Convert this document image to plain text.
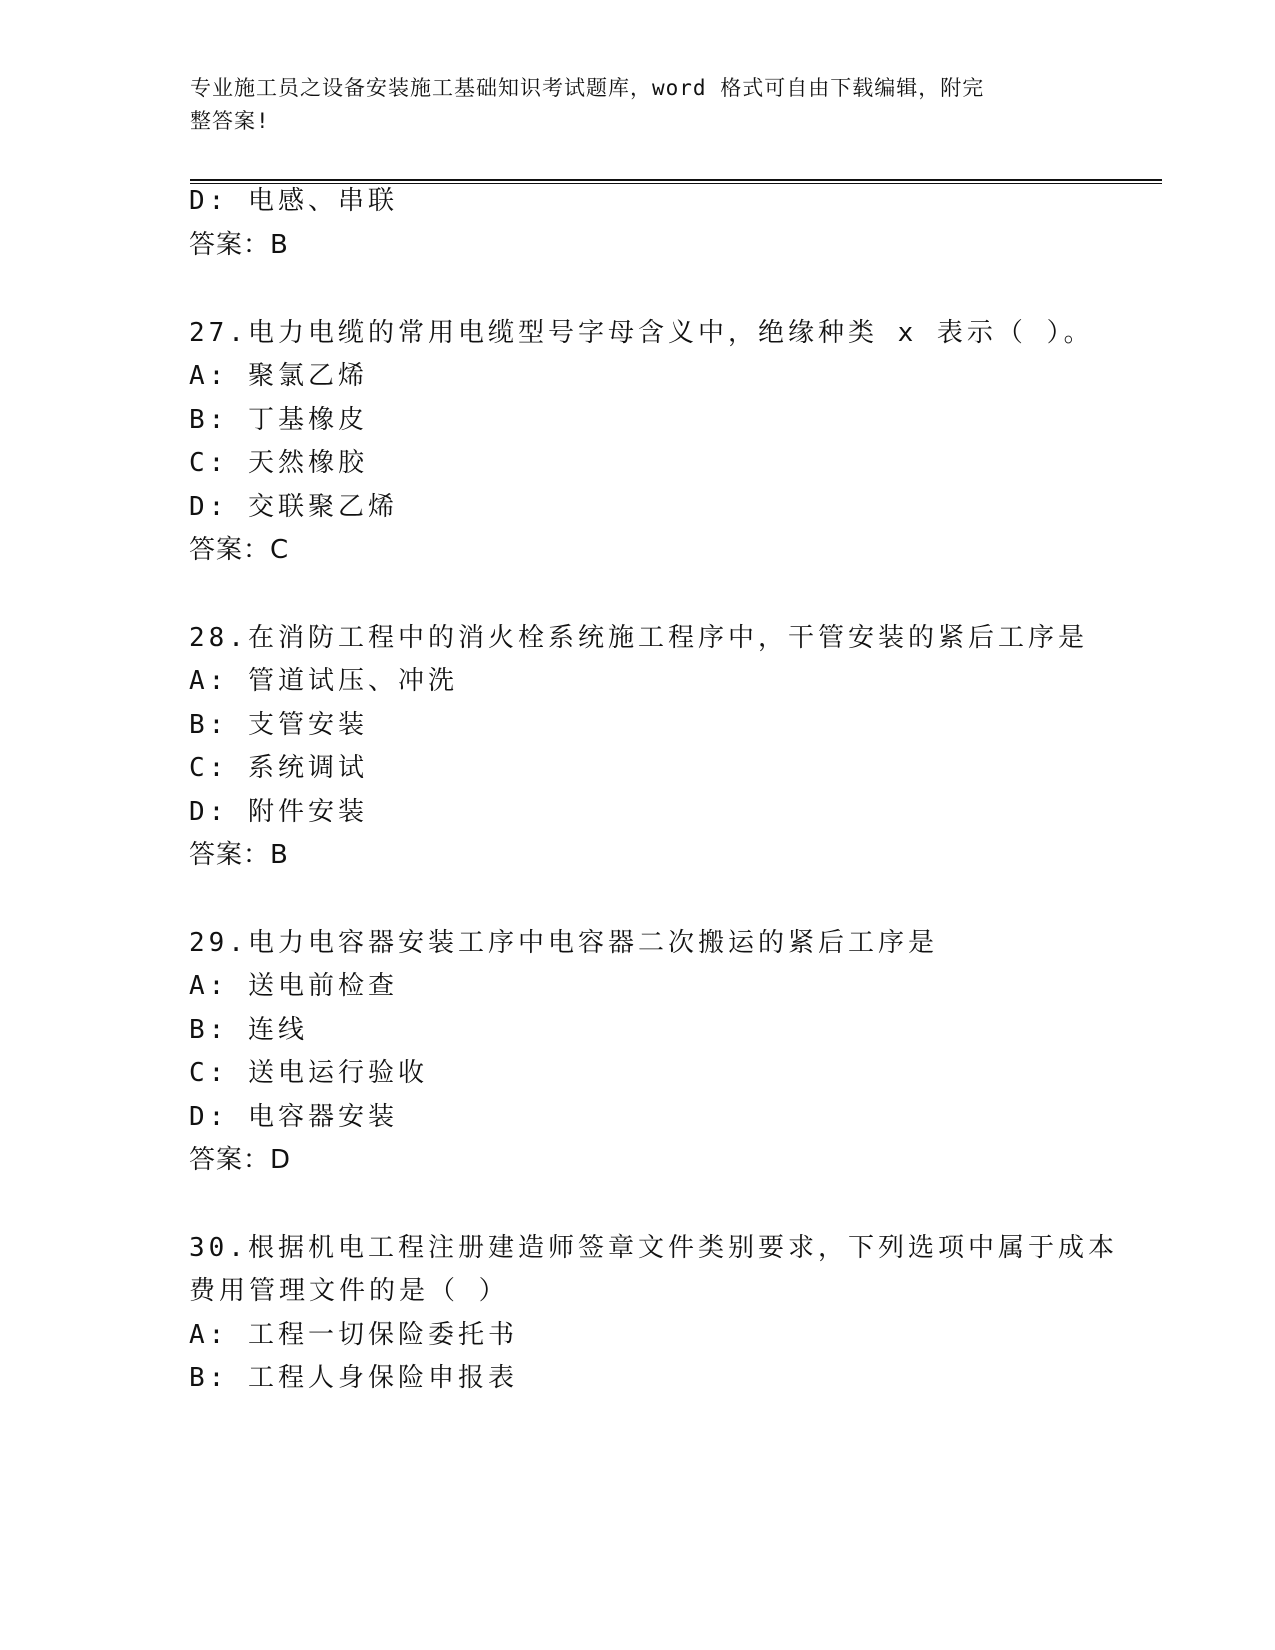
专业施工员之设备安装施工基础知识考试题库，word 格式可自由下载编辑，附完
整答案!
D: 电感、串联
答案：B
27.电力电缆的常用电缆型号字母含义中，绝缘种类 x 表示（ ）。
A: 聚氯乙烯
B: 丁基橡皮
C: 天然橡胶
D: 交联聚乙烯
答案：C
28.在消防工程中的消火栓系统施工程序中，干管安装的紧后工序是
A: 管道试压、冲洗
B: 支管安装
C: 系统调试
D: 附件安装
答案：B
29.电力电容器安装工序中电容器二次搬运的紧后工序是
A: 送电前检查
B: 连线
C: 送电运行验收
D: 电容器安装
答案：D
30.根据机电工程注册建造师签章文件类别要求，下列选项中属于成本
费用管理文件的是（ ）
A: 工程一切保险委托书
B: 工程人身保险申报表
